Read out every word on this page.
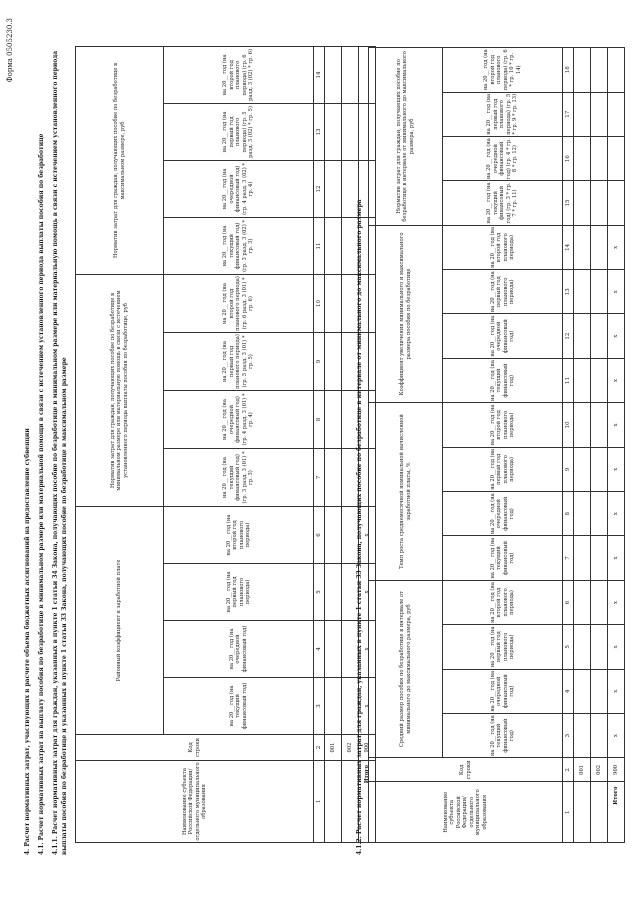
Форма 0505230.3
4. Расчет нормативных затрат, участвующих в расчете объема бюджетных ассигнований на предоставление субвенции 4.1. Расчет нормативных затрат на выплату пособия по безработице в минимальном размере или материальной помощи в связи с истечением установленного периода выплаты пособия по безработице 4.1.1. Расчет нормативных затрат для граждан, указанных в пункте 1 статьи 34 Закона, получающих пособие по безработице в минимальном размере или материальную помощь в связи с истечением установленного периода выплаты пособия по безработице и указанных в пункте 1 статьи 33 Закона, получающих пособие по безработице в максимальном размере	Наименование субъекта Российской Федерации/отдельного муниципального образования	Код строки	Районный коэффициент к заработной плате				Норматив затрат для граждан, получающих пособие по безработице в минимальном размере или материальную помощь в связи с истечением установленного периода выплаты пособия по безработице, руб				Норматив затрат для граждан, получающих пособие по безработице в максимальном размере, руб			
		на 20__ год (на текущий финансовый год)	на 20__ год (на очередной финансовый год)	на 20__ год (на первый год планового периода)	на 20__ год (на второй год планового периода)	на 20__ год (на текущий финансовый год) (гр. 3 разд. 3 (01) * гр. 3)	на 20__ год (на очередной финансовый год) (гр. 4 разд. 3 (01) * гр. 4)	на 20__ год (на первый год планового периода) (гр. 5 разд. 3 (01) * гр. 5)	на 20__ год (на второй год планового периода) (гр. 6 разд. 3 (01) * гр. 6)	на 20__ год (на текущий финансовый год) (гр. 3 разд. 3 (02) * гр. 3)	на 20__ год (на очередной финансовый год) (гр. 4 разд. 3 (02) * гр. 4)	на 20__ год (на первый год планового периода) (гр. 5 разд. 3 (02) * гр. 5)	на 20__ год (на второй год планового периода) (гр. 6 разд. 3 (02) * гр. 6)
1	2	3	4	5	6	7	8	9	10	11	12	13	14
	001												
	002												
Итого	900	x	x	x	x								
4.1.2. Расчет нормативных затрат для граждан, указанных в пункте 1 статьи 33 Закона, получающих пособие по безработице в интервале от минимального до максимального размера	Наименование субъекта Российской Федерации/отдельного муниципального образования	Код строки	Средний размер пособия по безработице в интервале от минимального до максимального размера, руб				Темп роста среднемесячной номинальной начисленной заработной платы, %				Коэффициент увеличения минимального и максимального размера пособия по безработице				Норматив затрат для граждан, получающих пособие по безработице в интервале от минимального до максимального размера, руб			
		на 20__ год (на текущий финансовый год)	на 20__ год (на очередной финансовый год)	на 20__ год (на первый год планового периода)	на 20__ год (на второй год планового периода)	на 20__ год (на текущий финансовый год)	на 20__ год (на очередной финансовый год)	на 20__ год (на первый год планового периода)	на 20__ год (на второй год планового периода)	на 20__ год (на текущий финансовый год)	на 20__ год (на очередной финансовый год)	на 20__ год (на первый год планового периода)	на 20__ год (на второй год планового периода)	на 20__ год (на текущий финансовый год) (гр. 3 * гр. 7 * гр. 11)	на 20__ год (на очередной финансовый год) (гр. 4 * гр. 8 * гр. 12)	на 20__ год (на первый год планового периода) (гр. 5 * гр. 9 * гр. 13)	на 20__ год (на второй год планового периода) (гр. 6 * гр. 10 * гр. 14)
1	2	3	4	5	6	7	8	9	10	11	12	13	14	15	16	17	18
	001																
	002																
Итого	900	x	x	x	x	x	x	x	x	x	x	x	x				
